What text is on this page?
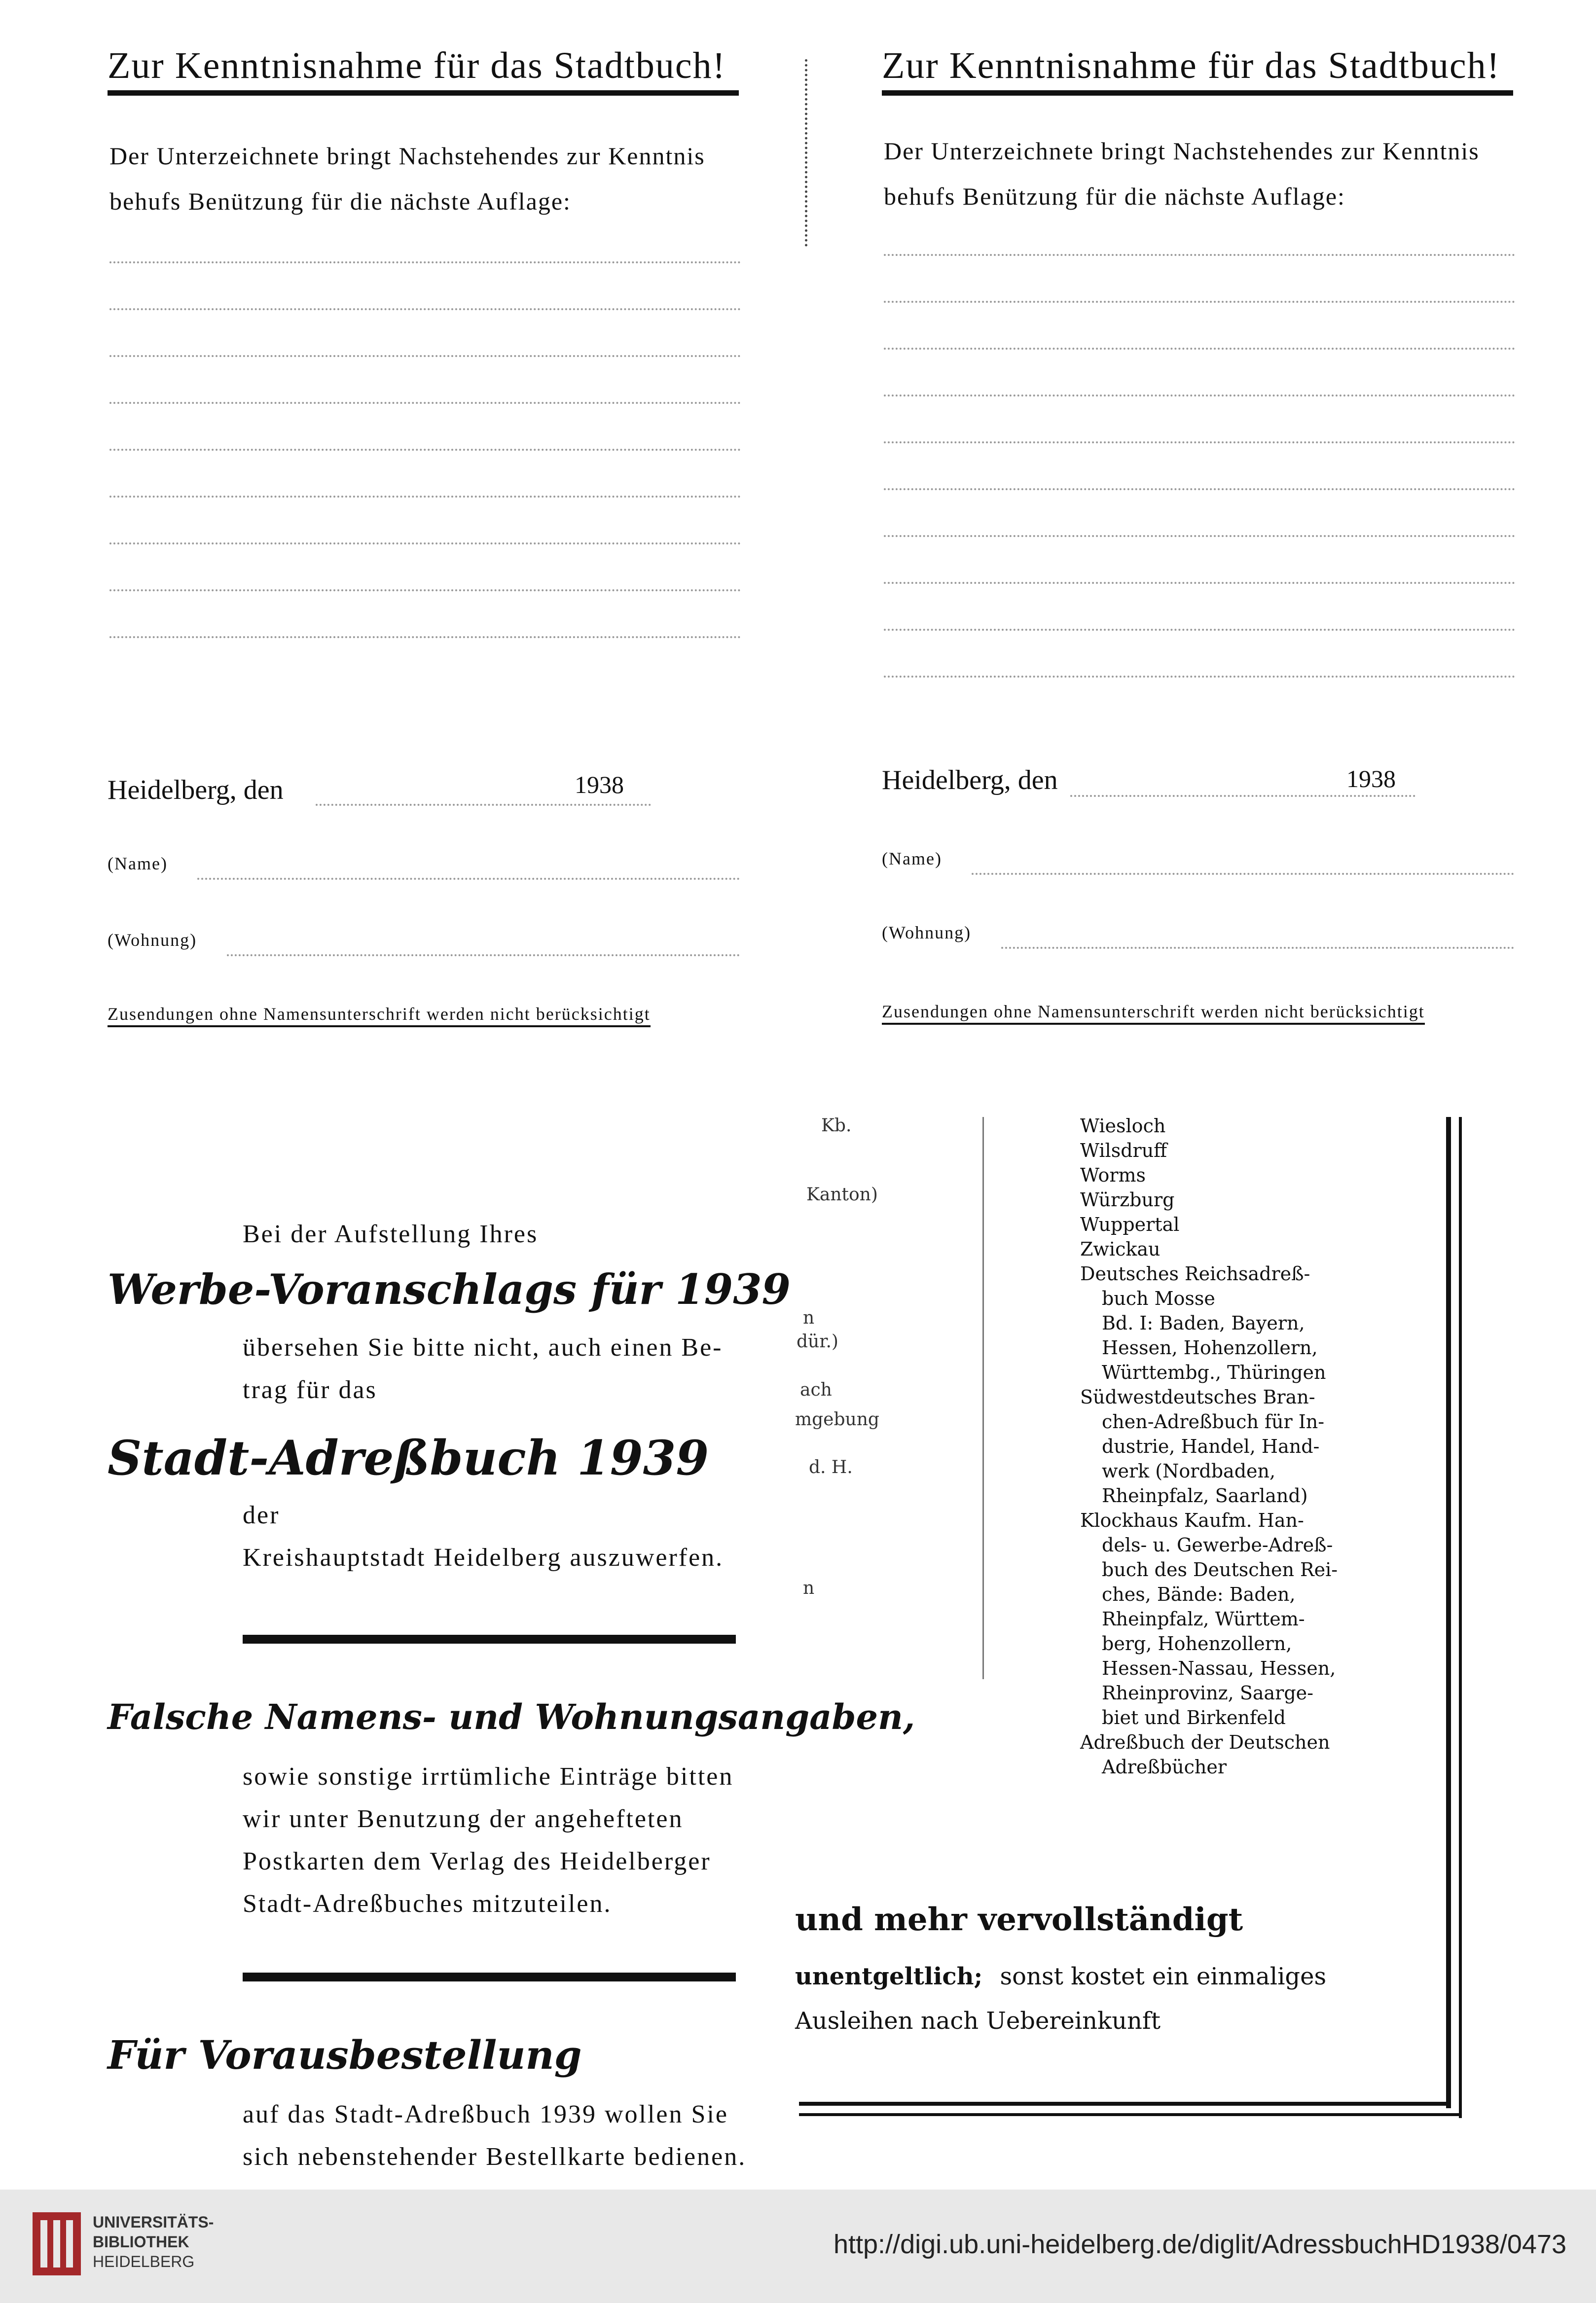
Zur Kenntnisnahme für das Stadtbuch!
Der Unterzeichnete bringt Nachstehendes zur Kenntnis
behufs Benützung für die nächste Auflage:
Heidelberg, den	1938
(Name)
(Wohnung)
Zusendungen ohne Namensunterschrift werden nicht berücksichtigt
Zur Kenntnisnahme für das Stadtbuch!
Der Unterzeichnete bringt Nachstehendes zur Kenntnis
behufs Benützung für die nächste Auflage:
Heidelberg, den	1938
(Name)
(Wohnung)
Zusendungen ohne Namensunterschrift werden nicht berücksichtigt
Bei der Aufstellung Ihres
Werbe-Voranschlags für 1939
übersehen Sie bitte nicht, auch einen Be-
trag für das
Stadt-Adreßbuch 1939
der
Kreishauptstadt Heidelberg auszuwerfen.
Falsche Namens- und Wohnungsangaben,
sowie sonstige irrtümliche Einträge bitten
wir unter Benutzung der angehefteten
Postkarten dem Verlag des Heidelberger
Stadt-Adreßbuches mitzuteilen.
Für Vorausbestellung
auf das Stadt-Adreßbuch 1939 wollen Sie
sich nebenstehender Bestellkarte bedienen.
Kb.
Kanton)
n
dür.)
ach
mgebung
d. H.
n
Wiesloch
Wilsdruff
Worms
Würzburg
Wuppertal
Zwickau
Deutsches Reichsadreß-
buch Mosse
Bd. I: Baden, Bayern,
Hessen, Hohenzollern,
Württembg., Thüringen
Südwestdeutsches Bran-
chen-Adreßbuch für In-
dustrie, Handel, Hand-
werk (Nordbaden,
Rheinpfalz, Saarland)
Klockhaus Kaufm. Han-
dels- u. Gewerbe-Adreß-
buch des Deutschen Rei-
ches, Bände: Baden,
Rheinpfalz, Württem-
berg, Hohenzollern,
Hessen-Nassau, Hessen,
Rheinprovinz, Saarge-
biet und Birkenfeld
Adreßbuch der Deutschen
Adreßbücher
und mehr vervollständigt
unentgeltlich; sonst kostet ein einmaliges
Ausleihen nach Uebereinkunft
UNIVERSITÄTS-
BIBLIOTHEK
HEIDELBERG
http://digi.ub.uni-heidelberg.de/diglit/AdressbuchHD1938/0473
